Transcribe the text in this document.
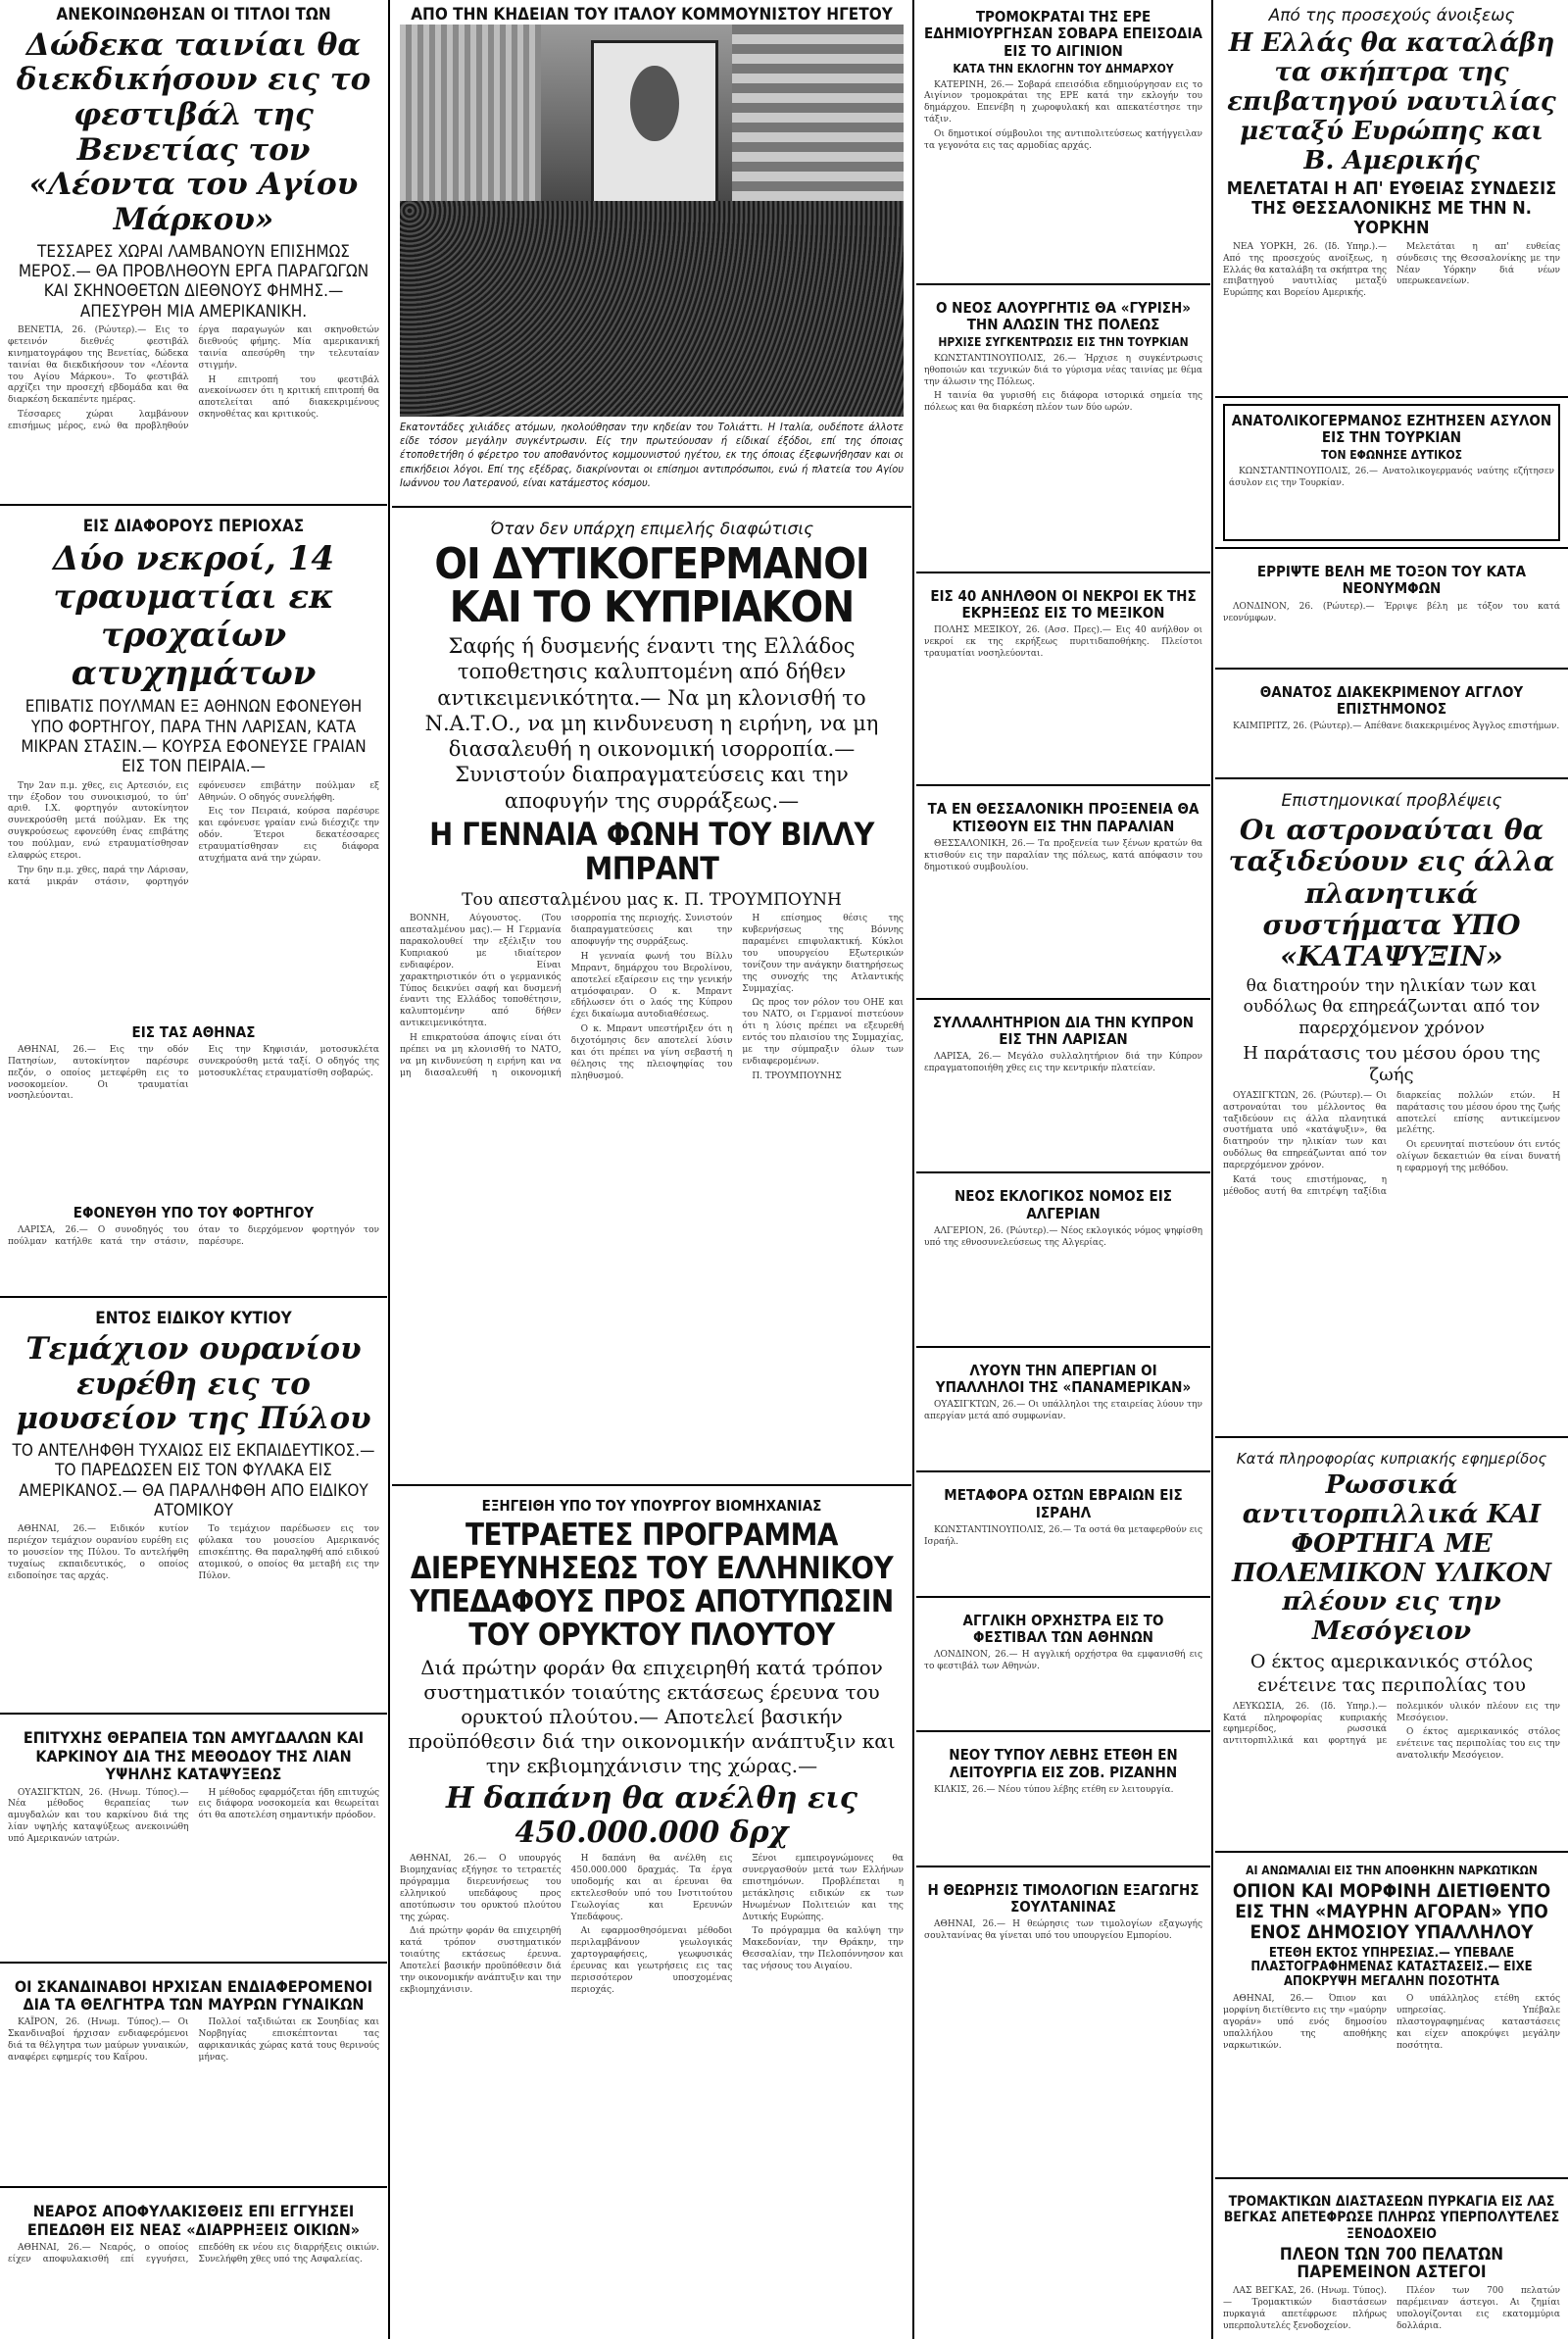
ΑΝΕΚΟΙΝΩΘΗΣΑΝ ΟΙ ΤΙΤΛΟΙ ΤΩΝ
Δώδεκα ταινίαι θα διεκδικήσουν εις το φεστιβάλ της Βενετίας τον «Λέοντα του Αγίου Μάρκου»
ΤΕΣΣΑΡΕΣ ΧΩΡΑΙ ΛΑΜΒΑΝΟΥΝ ΕΠΙΣΗΜΩΣ ΜΕΡΟΣ.— ΘΑ ΠΡΟΒΛΗΘΟΥΝ ΕΡΓΑ ΠΑΡΑΓΩΓΩΝ ΚΑΙ ΣΚΗΝΟΘΕΤΩΝ ΔΙΕΘΝΟΥΣ ΦΗΜΗΣ.— ΑΠΕΣΥΡΘΗ ΜΙΑ ΑΜΕΡΙΚΑΝΙΚΗ.

ΒΕΝΕΤΙΑ, 26. (Ρώυτερ).— Εις το φετεινόν διεθνές φεστιβάλ κινηματογράφου της Βενετίας, δώδεκα ταινίαι θα διεκδικήσουν τον «Λέοντα του Αγίου Μάρκου». Το φεστιβάλ αρχίζει την προσεχή εβδομάδα και θα διαρκέση δεκαπέντε ημέρας.

Τέσσαρες χώραι λαμβάνουν επισήμως μέρος, ενώ θα προβληθούν έργα παραγωγών και σκηνοθετών διεθνούς φήμης. Μία αμερικανική ταινία απεσύρθη την τελευταίαν στιγμήν.

Η επιτροπή του φεστιβάλ ανεκοίνωσεν ότι η κριτική επιτροπή θα αποτελείται από διακεκριμένους σκηνοθέτας και κριτικούς.

ΕΙΣ ΔΙΑΦΟΡΟΥΣ ΠΕΡΙΟΧΑΣ
Δύο νεκροί, 14 τραυματίαι εκ τροχαίων ατυχημάτων
ΕΠΙΒΑΤΙΣ ΠΟΥΛΜΑΝ ΕΞ ΑΘΗΝΩΝ ΕΦΟΝΕΥΘΗ ΥΠΟ ΦΟΡΤΗΓΟΥ, ΠΑΡΑ ΤΗΝ ΛΑΡΙΣΑΝ, ΚΑΤΑ ΜΙΚΡΑΝ ΣΤΑΣΙΝ.— ΚΟΥΡΣΑ ΕΦΟΝΕΥΣΕ ΓΡΑΙΑΝ ΕΙΣ ΤΟΝ ΠΕΙΡΑΙΑ.—

Την 2αν π.μ. χθες, εις Αρτεσιόν, εις την έξοδον του συνοικισμού, το ύπ' αριθ. Ι.Χ. φορτηγόν αυτοκίνητον συνεκρούσθη μετά πούλμαν. Εκ της συγκρούσεως εφονεύθη ένας επιβάτης του πούλμαν, ενώ ετραυματίσθησαν ελαφρώς ετεροι.

Την 6ην π.μ. χθες, παρά την Λάρισαν, κατά μικράν στάσιν, φορτηγόν εφόνευσεν επιβάτην πούλμαν εξ Αθηνών. Ο οδηγός συνελήφθη.

Εις τον Πειραιά, κούρσα παρέσυρε και εφόνευσε γραίαν ενώ διέσχιζε την οδόν. Έτεροι δεκατέσσαρες ετραυματίσθησαν εις διάφορα ατυχήματα ανά την χώραν.

ΕΙΣ ΤΑΣ ΑΘΗΝΑΣ

ΑΘΗΝΑΙ, 26.— Εις την οδόν Πατησίων, αυτοκίνητον παρέσυρε πεζόν, ο οποίος μετεφέρθη εις το νοσοκομείον. Οι τραυματίαι νοσηλεύονται.

Εις την Κηφισιάν, μοτοσυκλέτα συνεκρούσθη μετά ταξί. Ο οδηγός της μοτοσυκλέτας ετραυματίσθη σοβαρώς.

ΕΦΟΝΕΥΘΗ ΥΠΟ ΤΟΥ ΦΟΡΤΗΓΟΥ

ΛΑΡΙΣΑ, 26.— Ο συνοδηγός του πούλμαν κατήλθε κατά την στάσιν, όταν το διερχόμενον φορτηγόν τον παρέσυρε.

ΕΝΤΟΣ ΕΙΔΙΚΟΥ ΚΥΤΙΟΥ
Τεμάχιον ουρανίου ευρέθη εις το μουσείον της Πύλου
ΤΟ ΑΝΤΕΛΗΦΘΗ ΤΥΧΑΙΩΣ ΕΙΣ ΕΚΠΑΙΔΕΥΤΙΚΟΣ.— ΤΟ ΠΑΡΕΔΩΣΕΝ ΕΙΣ ΤΟΝ ΦΥΛΑΚΑ ΕΙΣ ΑΜΕΡΙΚΑΝΟΣ.— ΘΑ ΠΑΡΑΛΗΦΘΗ ΑΠΟ ΕΙΔΙΚΟΥ ΑΤΟΜΙΚΟΥ

ΑΘΗΝΑΙ, 26.— Ειδικόν κυτίον περιέχον τεμάχιον ουρανίου ευρέθη εις το μουσείον της Πύλου. Το αντελήφθη τυχαίως εκπαιδευτικός, ο οποίος ειδοποίησε τας αρχάς.

Το τεμάχιον παρέδωσεν εις τον φύλακα του μουσείου Αμερικανός επισκέπτης. Θα παραληφθή από ειδικού ατομικού, ο οποίος θα μεταβή εις την Πύλον.

ΕΠΙΤΥΧΗΣ ΘΕΡΑΠΕΙΑ ΤΩΝ ΑΜΥΓΔΑΛΩΝ ΚΑΙ ΚΑΡΚΙΝΟΥ ΔΙΑ ΤΗΣ ΜΕΘΟΔΟΥ ΤΗΣ ΛΙΑΝ ΥΨΗΛΗΣ ΚΑΤΑΨΥΞΕΩΣ

ΟΥΑΣΙΓΚΤΩΝ, 26. (Ηνωμ. Τύπος).— Νέα μέθοδος θεραπείας των αμυγδαλών και του καρκίνου διά της λίαν υψηλής καταψύξεως ανεκοινώθη υπό Αμερικανών ιατρών.

Η μέθοδος εφαρμόζεται ήδη επιτυχώς εις διάφορα νοσοκομεία και θεωρείται ότι θα αποτελέση σημαντικήν πρόοδον.

ΟΙ ΣΚΑΝΔΙΝΑΒΟΙ ΗΡΧΙΣΑΝ ΕΝΔΙΑΦΕΡΟΜΕΝΟΙ ΔΙΑ ΤΑ ΘΕΛΓΗΤΡΑ ΤΩΝ ΜΑΥΡΩΝ ΓΥΝΑΙΚΩΝ

ΚΑΪΡΟΝ, 26. (Ηνωμ. Τύπος).— Οι Σκανδιναβοί ήρχισαν ενδιαφερόμενοι διά τα θέλγητρα των μαύρων γυναικών, αναφέρει εφημερίς του Καΐρου.

Πολλοί ταξιδιώται εκ Σουηδίας και Νορβηγίας επισκέπτονται τας αφρικανικάς χώρας κατά τους θερινούς μήνας.

ΝΕΑΡΟΣ ΑΠΟΦΥΛΑΚΙΣΘΕΙΣ ΕΠΙ ΕΓΓΥΗΣΕΙ ΕΠΕΔΩΘΗ ΕΙΣ ΝΕΑΣ «ΔΙΑΡΡΗΞΕΙΣ ΟΙΚΙΩΝ»

ΑΘΗΝΑΙ, 26.— Νεαρός, ο οποίος είχεν αποφυλακισθή επί εγγυήσει, επεδόθη εκ νέου εις διαρρήξεις οικιών. Συνελήφθη χθες υπό της Ασφαλείας.

ΑΠΟ ΤΗΝ ΚΗΔΕΙΑΝ ΤΟΥ ΙΤΑΛΟΥ ΚΟΜΜΟΥΝΙΣΤΟΥ ΗΓΕΤΟΥ
Εκατοντάδες χιλιάδες ατόμων, ηκολούθησαν την κηδείαν του Τολιάττι. Η Ιταλία, ουδέποτε άλλοτε είδε τόσον μεγάλην συγκέντρωσιν. Είς την πρωτεύουσαν ή είδικαί έξόδοι, επί της όποιας έτοποθετήθη ό φέρετρο του αποθανόντος κομμουνιστού ηγέτου, εκ της όποιας έξεφωνήθησαν και οι επικήδειοι λόγοι. Επί της εξέδρας, διακρίνονται οι επίσημοι αντιπρόσωποι, ενώ ή πλατεία του Αγίου Ιωάννου του Λατερανού, είναι κατάμεστος κόσμου.
Όταν δεν υπάρχη επιμελής διαφώτισις
ΟΙ ΔΥΤΙΚΟΓΕΡΜΑΝΟΙ ΚΑΙ ΤΟ ΚΥΠΡΙΑΚΟΝ
Σαφής ή δυσμενής έναντι της Ελλάδος τοποθετησις καλυπτομένη από δήθεν αντικειμενικότητα.— Να μη κλονισθή το Ν.Α.Τ.Ο., να μη κινδυνευση η ειρήνη, να μη διασαλευθή η οικονομική ισορροπία.—Συνιστούν διαπραγματεύσεις και την αποφυγήν της συρράξεως.—
Η ΓΕΝΝΑΙΑ ΦΩΝΗ ΤΟΥ ΒΙΛΛΥ ΜΠΡΑΝΤ
Του απεσταλμένου μας κ. Π. ΤΡΟΥΜΠΟΥΝΗ

ΒΟΝΝΗ, Αύγουστος. (Του απεσταλμένου μας).— Η Γερμανία παρακολουθεί την εξέλιξιν του Κυπριακού με ιδιαίτερον ενδιαφέρον. Είναι χαρακτηριστικόν ότι ο γερμανικός Τύπος δεικνύει σαφή και δυσμενή έναντι της Ελλάδος τοποθέτησιν, καλυπτομένην από δήθεν αντικειμενικότητα.

Η επικρατούσα άποψις είναι ότι πρέπει να μη κλονισθή το ΝΑΤΟ, να μη κινδυνεύση η ειρήνη και να μη διασαλευθή η οικονομική ισορροπία της περιοχής. Συνιστούν διαπραγματεύσεις και την αποφυγήν της συρράξεως.

Η γενναία φωνή του Βίλλυ Μπραντ, δημάρχου του Βερολίνου, αποτελεί εξαίρεσιν εις την γενικήν ατμόσφαιραν. Ο κ. Μπραντ εδήλωσεν ότι ο λαός της Κύπρου έχει δικαίωμα αυτοδιαθέσεως.

Ο κ. Μπραντ υπεστήριξεν ότι η διχοτόμησις δεν αποτελεί λύσιν και ότι πρέπει να γίνη σεβαστή η θέλησις της πλειοψηφίας του πληθυσμού.

Η επίσημος θέσις της κυβερνήσεως της Βόννης παραμένει επιφυλακτική. Κύκλοι του υπουργείου Εξωτερικών τονίζουν την ανάγκην διατηρήσεως της συνοχής της Ατλαντικής Συμμαχίας.

Ως προς τον ρόλον του ΟΗΕ και του ΝΑΤΟ, οι Γερμανοί πιστεύουν ότι η λύσις πρέπει να εξευρεθή εντός του πλαισίου της Συμμαχίας, με την σύμπραξιν όλων των ενδιαφερομένων.

Π. ΤΡΟΥΜΠΟΥΝΗΣ

ΕΞΗΓΕΙΘΗ ΥΠΟ ΤΟΥ ΥΠΟΥΡΓΟΥ ΒΙΟΜΗΧΑΝΙΑΣ
ΤΕΤΡΑΕΤΕΣ ΠΡΟΓΡΑΜΜΑ ΔΙΕΡΕΥΝΗΣΕΩΣ ΤΟΥ ΕΛΛΗΝΙΚΟΥ ΥΠΕΔΑΦΟΥΣ ΠΡΟΣ ΑΠΟΤΥΠΩΣΙΝ ΤΟΥ ΟΡΥΚΤΟΥ ΠΛΟΥΤΟΥ
Διά πρώτην φοράν θα επιχειρηθή κατά τρόπον συστηματικόν τοιαύτης εκτάσεως έρευνα του ορυκτού πλούτου.— Αποτελεί βασικήν προϋπόθεσιν διά την οικονομικήν ανάπτυξιν και την εκβιομηχάνισιν της χώρας.—
Η δαπάνη θα ανέλθη εις 450.000.000 δρχ

ΑΘΗΝΑΙ, 26.— Ο υπουργός Βιομηχανίας εξήγησε το τετραετές πρόγραμμα διερευνήσεως του ελληνικού υπεδάφους προς αποτύπωσιν του ορυκτού πλούτου της χώρας.

Διά πρώτην φοράν θα επιχειρηθή κατά τρόπον συστηματικόν τοιαύτης εκτάσεως έρευνα. Αποτελεί βασικήν προϋπόθεσιν διά την οικονομικήν ανάπτυξιν και την εκβιομηχάνισιν.

Η δαπάνη θα ανέλθη εις 450.000.000 δραχμάς. Τα έργα υποδομής και αι έρευναι θα εκτελεσθούν υπό του Ινστιτούτου Γεωλογίας και Ερευνών Υπεδάφους.

Αι εφαρμοσθησόμεναι μέθοδοι περιλαμβάνουν γεωλογικάς χαρτογραφήσεις, γεωφυσικάς έρευνας και γεωτρήσεις εις τας περισσότερον υποσχομένας περιοχάς.

Ξένοι εμπειρογνώμονες θα συνεργασθούν μετά των Ελλήνων επιστημόνων. Προβλέπεται η μετάκλησις ειδικών εκ των Ηνωμένων Πολιτειών και της Δυτικής Ευρώπης.

Το πρόγραμμα θα καλύψη την Μακεδονίαν, την Θράκην, την Θεσσαλίαν, την Πελοπόννησον και τας νήσους του Αιγαίου.

ΤΡΟΜΟΚΡΑΤΑΙ ΤΗΣ ΕΡΕ ΕΔΗΜΙΟΥΡΓΗΣΑΝ ΣΟΒΑΡΑ ΕΠΕΙΣΟΔΙΑ ΕΙΣ ΤΟ ΑΙΓΙΝΙΟΝ
ΚΑΤΑ ΤΗΝ ΕΚΛΟΓΗΝ ΤΟΥ ΔΗΜΑΡΧΟΥ

ΚΑΤΕΡΙΝΗ, 26.— Σοβαρά επεισόδια εδημιούργησαν εις το Αιγίνιον τρομοκράται της ΕΡΕ κατά την εκλογήν του δημάρχου. Επενέβη η χωροφυλακή και απεκατέστησε την τάξιν.

Οι δημοτικοί σύμβουλοι της αντιπολιτεύσεως κατήγγειλαν τα γεγονότα εις τας αρμοδίας αρχάς.

Ο ΝΕΟΣ ΑΛΟΥΡΓΗΤΙΣ ΘΑ «ΓΥΡΙΣΗ» ΤΗΝ ΑΛΩΣΙΝ ΤΗΣ ΠΟΛΕΩΣ
ΗΡΧΙΣΕ ΣΥΓΚΕΝΤΡΩΣΙΣ ΕΙΣ ΤΗΝ ΤΟΥΡΚΙΑΝ

ΚΩΝΣΤΑΝΤΙΝΟΥΠΟΛΙΣ, 26.— Ήρχισε η συγκέντρωσις ηθοποιών και τεχνικών διά το γύρισμα νέας ταινίας με θέμα την άλωσιν της Πόλεως.

Η ταινία θα γυρισθή εις διάφορα ιστορικά σημεία της πόλεως και θα διαρκέση πλέον των δύο ωρών.

ΕΙΣ 40 ΑΝΗΛΘΟΝ ΟΙ ΝΕΚΡΟΙ ΕΚ ΤΗΣ ΕΚΡΗΞΕΩΣ ΕΙΣ ΤΟ ΜΕΞΙΚΟΝ

ΠΟΛΗΣ ΜΕΞΙΚΟΥ, 26. (Ασσ. Πρες).— Εις 40 ανήλθον οι νεκροί εκ της εκρήξεως πυριτιδαποθήκης. Πλείστοι τραυματίαι νοσηλεύονται.

ΤΑ ΕΝ ΘΕΣΣΑΛΟΝΙΚΗ ΠΡΟΞΕΝΕΙΑ ΘΑ ΚΤΙΣΘΟΥΝ ΕΙΣ ΤΗΝ ΠΑΡΑΛΙΑΝ

ΘΕΣΣΑΛΟΝΙΚΗ, 26.— Τα προξενεία των ξένων κρατών θα κτισθούν εις την παραλίαν της πόλεως, κατά απόφασιν του δημοτικού συμβουλίου.

ΣΥΛΛΑΛΗΤΗΡΙΟΝ ΔΙΑ ΤΗΝ ΚΥΠΡΟΝ ΕΙΣ ΤΗΝ ΛΑΡΙΣΑΝ

ΛΑΡΙΣΑ, 26.— Μεγάλο συλλαλητήριον διά την Κύπρον επραγματοποιήθη χθες εις την κεντρικήν πλατείαν.

ΝΕΟΣ ΕΚΛΟΓΙΚΟΣ ΝΟΜΟΣ ΕΙΣ ΑΛΓΕΡΙΑΝ

ΑΛΓΕΡΙΟΝ, 26. (Ρώυτερ).— Νέος εκλογικός νόμος ψηφίσθη υπό της εθνοσυνελεύσεως της Αλγερίας.

ΛΥΟΥΝ ΤΗΝ ΑΠΕΡΓΙΑΝ ΟΙ ΥΠΑΛΛΗΛΟΙ ΤΗΣ «ΠΑΝΑΜΕΡΙΚΑΝ»

ΟΥΑΣΙΓΚΤΩΝ, 26.— Οι υπάλληλοι της εταιρείας λύουν την απεργίαν μετά από συμφωνίαν.

ΜΕΤΑΦΟΡΑ ΟΣΤΩΝ ΕΒΡΑΙΩΝ ΕΙΣ ΙΣΡΑΗΛ

ΚΩΝΣΤΑΝΤΙΝΟΥΠΟΛΙΣ, 26.— Τα οστά θα μεταφερθούν εις Ισραήλ.

ΑΓΓΛΙΚΗ ΟΡΧΗΣΤΡΑ ΕΙΣ ΤΟ ΦΕΣΤΙΒΑΛ ΤΩΝ ΑΘΗΝΩΝ

ΛΟΝΔΙΝΟΝ, 26.— Η αγγλική ορχήστρα θα εμφανισθή εις το φεστιβάλ των Αθηνών.

ΝΕΟΥ ΤΥΠΟΥ ΛΕΒΗΣ ΕΤΕΘΗ ΕΝ ΛΕΙΤΟΥΡΓΙΑ ΕΙΣ ΖΟΒ. ΡΙΖΑΝΗΝ

ΚΙΛΚΙΣ, 26.— Νέου τύπου λέβης ετέθη εν λειτουργία.

Η ΘΕΩΡΗΣΙΣ ΤΙΜΟΛΟΓΙΩΝ ΕΞΑΓΩΓΗΣ ΣΟΥΛΤΑΝΙΝΑΣ

ΑΘΗΝΑΙ, 26.— Η θεώρησις των τιμολογίων εξαγωγής σουλτανίνας θα γίνεται υπό του υπουργείου Εμπορίου.

Από της προσεχούς άνοιξεως
Η Ελλάς θα καταλάβη τα σκήπτρα της επιβατηγού ναυτιλίας μεταξύ Ευρώπης και Β. Αμερικής
ΜΕΛΕΤΑΤΑΙ Η ΑΠ' ΕΥΘΕΙΑΣ ΣΥΝΔΕΣΙΣ ΤΗΣ ΘΕΣΣΑΛΟΝΙΚΗΣ ΜΕ ΤΗΝ Ν. ΥΟΡΚΗΝ

ΝΕΑ ΥΟΡΚΗ, 26. (Ιδ. Υπηρ.).— Από της προσεχούς ανοίξεως, η Ελλάς θα καταλάβη τα σκήπτρα της επιβατηγού ναυτιλίας μεταξύ Ευρώπης και Βορείου Αμερικής.

Μελετάται η απ' ευθείας σύνδεσις της Θεσσαλονίκης με την Νέαν Υόρκην διά νέων υπερωκεανείων.

ΑΝΑΤΟΛΙΚΟΓΕΡΜΑΝΟΣ ΕΖΗΤΗΣΕΝ ΑΣΥΛΟΝ ΕΙΣ ΤΗΝ ΤΟΥΡΚΙΑΝ
ΤΟΝ ΕΦΩΝΗΣΕ ΔΥΤΙΚΟΣ

ΚΩΝΣΤΑΝΤΙΝΟΥΠΟΛΙΣ, 26.— Ανατολικογερμανός ναύτης εζήτησεν άσυλον εις την Τουρκίαν.

ΕΡΡΙΨΤΕ ΒΕΛΗ ΜΕ ΤΟΞΟΝ ΤΟΥ ΚΑΤΑ ΝΕΟΝΥΜΦΩΝ

ΛΟΝΔΙΝΟΝ, 26. (Ρώυτερ).— Έρριψε βέλη με τόξον του κατά νεονύμφων.

ΘΑΝΑΤΟΣ ΔΙΑΚΕΚΡΙΜΕΝΟΥ ΑΓΓΛΟΥ ΕΠΙΣΤΗΜΟΝΟΣ

ΚΑΙΜΠΡΙΤΖ, 26. (Ρώυτερ).— Απέθανε διακεκριμένος Άγγλος επιστήμων.

Επιστημονικαί προβλέψεις
Οι αστροναύται θα ταξιδεύουν εις άλλα πλανητικά συστήματα ΥΠΟ «ΚΑΤΑΨΥΞΙΝ»
θα διατηρούν την ηλικίαν των και ουδόλως θα επηρεάζωνται από τον παρερχόμενον χρόνον
Η παράτασις του μέσου όρου της ζωής

ΟΥΑΣΙΓΚΤΩΝ, 26. (Ρώυτερ).— Οι αστροναύται του μέλλοντος θα ταξιδεύουν εις άλλα πλανητικά συστήματα υπό «κατάψυξιν», θα διατηρούν την ηλικίαν των και ουδόλως θα επηρεάζωνται από τον παρερχόμενον χρόνον.

Κατά τους επιστήμονας, η μέθοδος αυτή θα επιτρέψη ταξίδια διαρκείας πολλών ετών. Η παράτασις του μέσου όρου της ζωής αποτελεί επίσης αντικείμενον μελέτης.

Οι ερευνηταί πιστεύουν ότι εντός ολίγων δεκαετιών θα είναι δυνατή η εφαρμογή της μεθόδου.

Κατά πληροφορίας κυπριακής εφημερίδος
Ρωσσικά αντιτορπιλλικά ΚΑΙ ΦΟΡΤΗΓΑ ΜΕ ΠΟΛΕΜΙΚΟΝ ΥΛΙΚΟΝ πλέουν εις την Μεσόγειον
Ο έκτος αμερικανικός στόλος ενέτεινε τας περιπολίας του

ΛΕΥΚΩΣΙΑ, 26. (Ιδ. Υπηρ.).— Κατά πληροφορίας κυπριακής εφημερίδος, ρωσσικά αντιτορπιλλικά και φορτηγά με πολεμικόν υλικόν πλέουν εις την Μεσόγειον.

Ο έκτος αμερικανικός στόλος ενέτεινε τας περιπολίας του εις την ανατολικήν Μεσόγειον.

ΑΙ ΑΝΩΜΑΛΙΑΙ ΕΙΣ ΤΗΝ ΑΠΟΘΗΚΗΝ ΝΑΡΚΩΤΙΚΩΝ
ΟΠΙΟΝ ΚΑΙ ΜΟΡΦΙΝΗ ΔΙΕΤΙΘΕΝΤΟ ΕΙΣ ΤΗΝ «ΜΑΥΡΗΝ ΑΓΟΡΑΝ» ΥΠΟ ΕΝΟΣ ΔΗΜΟΣΙΟΥ ΥΠΑΛΛΗΛΟΥ
ΕΤΕΘΗ ΕΚΤΟΣ ΥΠΗΡΕΣΙΑΣ.— ΥΠΕΒΑΛΕ ΠΛΑΣΤΟΓΡΑΦΗΜΕΝΑΣ ΚΑΤΑΣΤΑΣΕΙΣ.— ΕΙΧΕ ΑΠΟΚΡΥΨΗ ΜΕΓΑΛΗΝ ΠΟΣΟΤΗΤΑ

ΑΘΗΝΑΙ, 26.— Όπιον και μορφίνη διετίθεντο εις την «μαύρην αγοράν» υπό ενός δημοσίου υπαλλήλου της αποθήκης ναρκωτικών.

Ο υπάλληλος ετέθη εκτός υπηρεσίας. Υπέβαλε πλαστογραφημένας καταστάσεις και είχεν αποκρύψει μεγάλην ποσότητα.

ΤΡΟΜΑΚΤΙΚΩΝ ΔΙΑΣΤΑΣΕΩΝ ΠΥΡΚΑΓΙΑ ΕΙΣ ΛΑΣ ΒΕΓΚΑΣ ΑΠΕΤΕΦΡΩΣΕ ΠΛΗΡΩΣ ΥΠΕΡΠΟΛΥΤΕΛΕΣ ΞΕΝΟΔΟΧΕΙΟ
ΠΛΕΟΝ ΤΩΝ 700 ΠΕΛΑΤΩΝ ΠΑΡΕΜΕΙΝΟΝ ΑΣΤΕΓΟΙ

ΛΑΣ ΒΕΓΚΑΣ, 26. (Ηνωμ. Τύπος).— Τρομακτικών διαστάσεων πυρκαγιά απετέφρωσε πλήρως υπερπολυτελές ξενοδοχείον.

Πλέον των 700 πελατών παρέμειναν άστεγοι. Αι ζημίαι υπολογίζονται εις εκατομμύρια δολλάρια.
